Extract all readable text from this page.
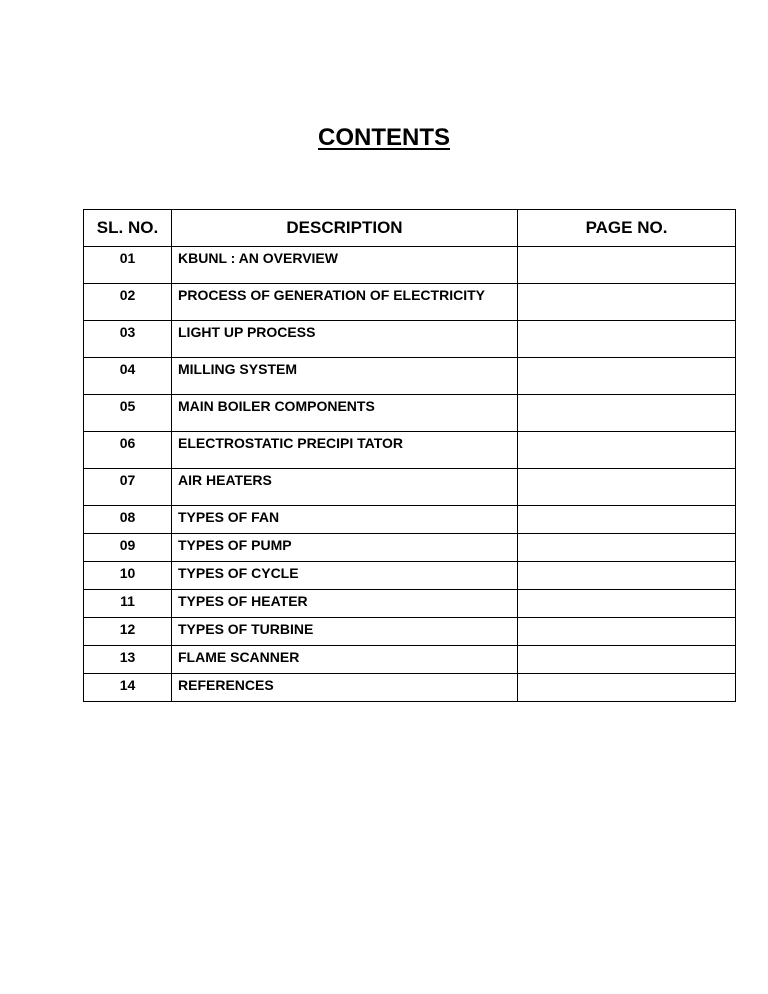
CONTENTS
SL. NO.	DESCRIPTION	PAGE NO.

01	KBUNL : AN OVERVIEW	

02	PROCESS OF GENERATION OF ELECTRICITY	

03	LIGHT UP PROCESS	

04	MILLING SYSTEM	

05	MAIN BOILER COMPONENTS	

06	ELECTROSTATIC PRECIPI TATOR	

07	AIR HEATERS	

08	TYPES OF FAN	

09	TYPES OF PUMP	

10	TYPES OF CYCLE	

11	TYPES OF HEATER	

12	TYPES OF TURBINE	

13	FLAME SCANNER	

14	REFERENCES	
